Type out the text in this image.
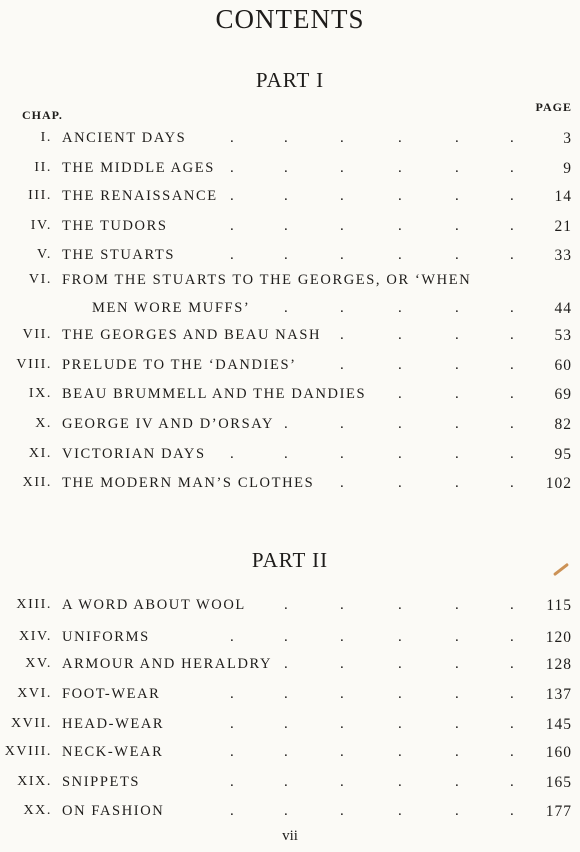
CONTENTS
PART I
CHAP.
PAGE
I. ANCIENT DAYS	3
.	.	.	.	.	.
II. THE MIDDLE AGES	9
.	.	.	.	.	.
III. THE RENAISSANCE	14
.	.	.	.	.	.
IV. THE TUDORS	21
.	.	.	.	.	.
V. THE STUARTS	33
.	.	.	.	.	.
VI. FROM THE STUARTS TO THE GEORGES, OR ‘WHEN
MEN WORE MUFFS’	44
.	.	.	.	.
VII. THE GEORGES AND BEAU NASH	53
.	.	.	.
VIII. PRELUDE TO THE ‘DANDIES’	60
.	.	.	.
IX. BEAU BRUMMELL AND THE DANDIES	69
.	.	.
X. GEORGE IV AND D’ORSAY	82
.	.	.	.	.
XI. VICTORIAN DAYS	95
.	.	.	.	.	.
XII. THE MODERN MAN’S CLOTHES	102
.	.	.	.
PART II
XIII. A WORD ABOUT WOOL	115
.	.	.	.	.
XIV. UNIFORMS	120
.	.	.	.	.	.
XV. ARMOUR AND HERALDRY	128
.	.	.	.	.
XVI. FOOT-WEAR	137
.	.	.	.	.	.
XVII. HEAD-WEAR	145
.	.	.	.	.	.
XVIII. NECK-WEAR	160
.	.	.	.	.	.
XIX. SNIPPETS	165
.	.	.	.	.	.
XX. ON FASHION	177
.	.	.	.	.	.
vii
